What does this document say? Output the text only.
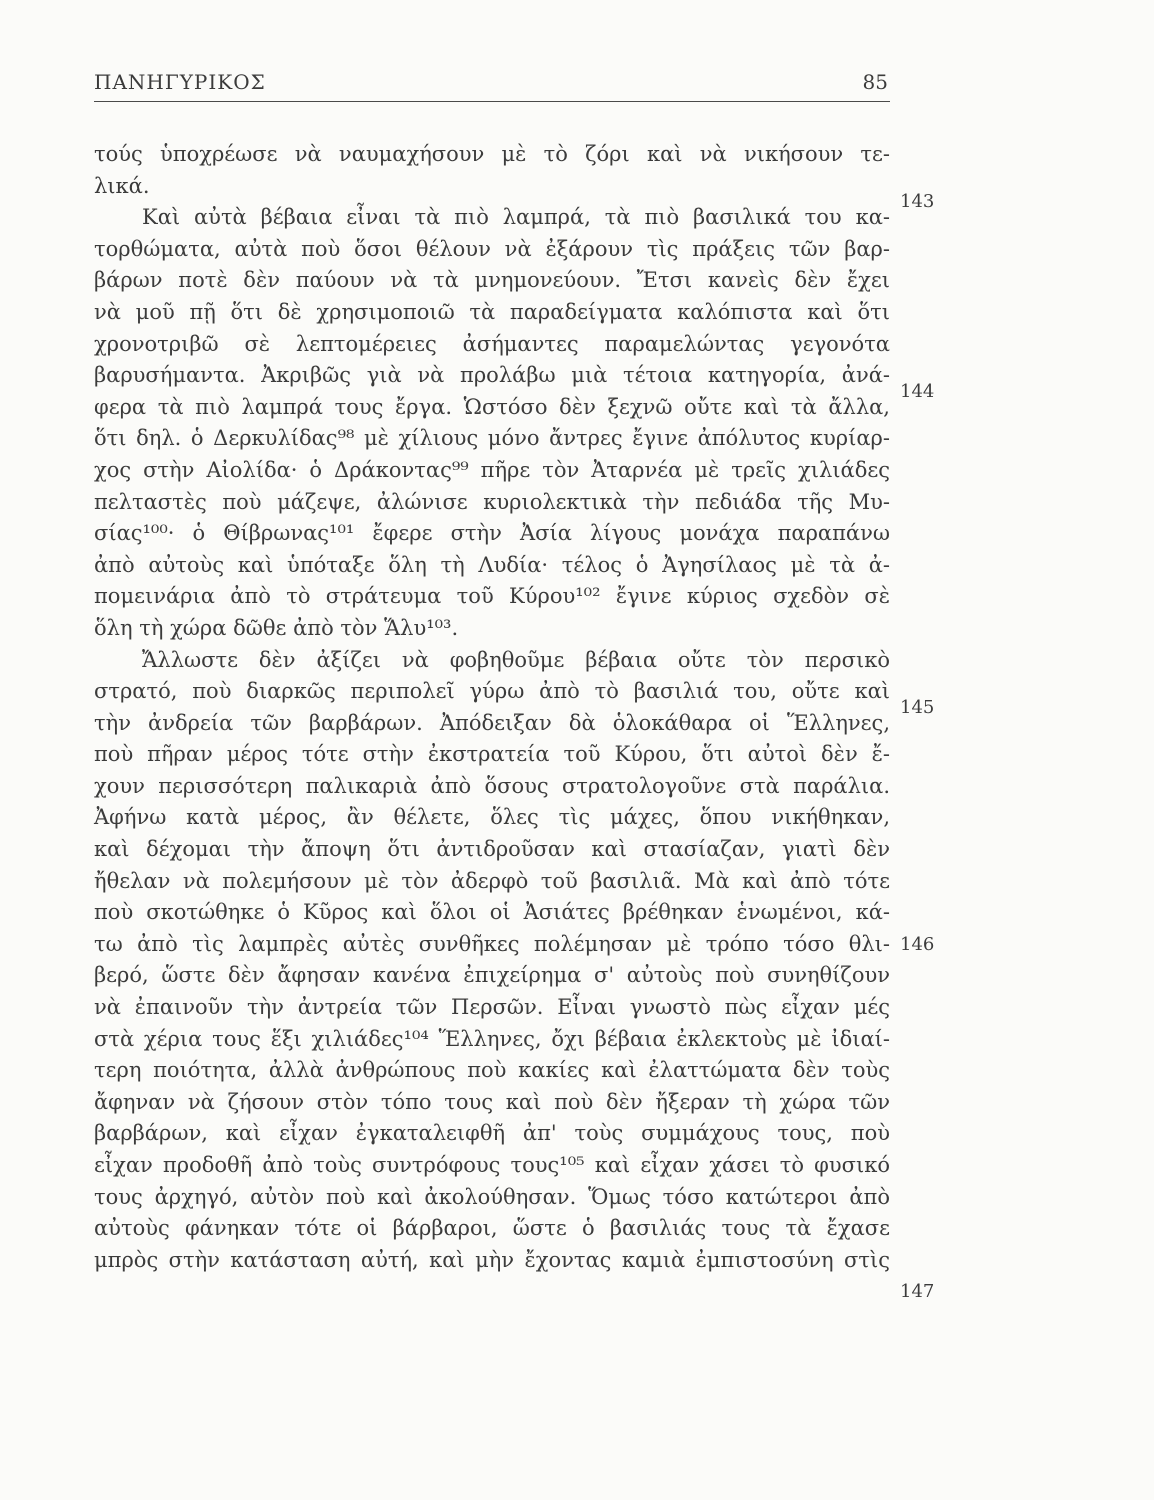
ΠΑΝΗΓΥΡΙΚΟΣ	85
τούς ὑποχρέωσε νὰ ναυμαχήσουν μὲ τὸ ζόρι καὶ νὰ νικήσουν τε-
λικά.
Καὶ αὐτὰ βέβαια εἶναι τὰ πιὸ λαμπρά, τὰ πιὸ βασιλικά του κα-
τορθώματα, αὐτὰ ποὺ ὅσοι θέλουν νὰ ἐξάρουν τὶς πράξεις τῶν βαρ-
βάρων ποτὲ δὲν παύουν νὰ τὰ μνημονεύουν. Ἔτσι κανεὶς δὲν ἔχει
νὰ μοῦ πῇ ὅτι δὲ χρησιμοποιῶ τὰ παραδείγματα καλόπιστα καὶ ὅτι
χρονοτριβῶ σὲ λεπτομέρειες ἀσήμαντες παραμελώντας γεγονότα
βαρυσήμαντα. Ἀκριβῶς γιὰ νὰ προλάβω μιὰ τέτοια κατηγορία, ἀνά-
φερα τὰ πιὸ λαμπρά τους ἔργα. Ὡστόσο δὲν ξεχνῶ οὔτε καὶ τὰ ἄλλα,
ὅτι δηλ. ὁ Δερκυλίδας⁹⁸ μὲ χίλιους μόνο ἄντρες ἔγινε ἀπόλυτος κυρίαρ-
χος στὴν Αἰολίδα· ὁ Δράκοντας⁹⁹ πῆρε τὸν Ἀταρνέα μὲ τρεῖς χιλιάδες
πελταστὲς ποὺ μάζεψε, ἀλώνισε κυριολεκτικὰ τὴν πεδιάδα τῆς Μυ-
σίας¹⁰⁰· ὁ Θίβρωνας¹⁰¹ ἔφερε στὴν Ἀσία λίγους μονάχα παραπάνω
ἀπὸ αὐτοὺς καὶ ὑπόταξε ὅλη τὴ Λυδία· τέλος ὁ Ἀγησίλαος μὲ τὰ ἀ-
πομεινάρια ἀπὸ τὸ στράτευμα τοῦ Κύρου¹⁰² ἔγινε κύριος σχεδὸν σὲ
ὅλη τὴ χώρα δῶθε ἀπὸ τὸν Ἅλυ¹⁰³.
Ἄλλωστε δὲν ἀξίζει νὰ φοβηθοῦμε βέβαια οὔτε τὸν περσικὸ
στρατό, ποὺ διαρκῶς περιπολεῖ γύρω ἀπὸ τὸ βασιλιά του, οὔτε καὶ
τὴν ἀνδρεία τῶν βαρβάρων. Ἀπόδειξαν δὰ ὁλοκάθαρα οἱ Ἕλληνες,
ποὺ πῆραν μέρος τότε στὴν ἐκστρατεία τοῦ Κύρου, ὅτι αὐτοὶ δὲν ἔ-
χουν περισσότερη παλικαριὰ ἀπὸ ὅσους στρατολογοῦνε στὰ παράλια.
Ἀφήνω κατὰ μέρος, ἂν θέλετε, ὅλες τὶς μάχες, ὅπου νικήθηκαν,
καὶ δέχομαι τὴν ἄποψη ὅτι ἀντιδροῦσαν καὶ στασίαζαν, γιατὶ δὲν
ἤθελαν νὰ πολεμήσουν μὲ τὸν ἀδερφὸ τοῦ βασιλιᾶ. Μὰ καὶ ἀπὸ τότε
ποὺ σκοτώθηκε ὁ Κῦρος καὶ ὅλοι οἱ Ἀσιάτες βρέθηκαν ἑνωμένοι, κά-
τω ἀπὸ τὶς λαμπρὲς αὐτὲς συνθῆκες πολέμησαν μὲ τρόπο τόσο θλι-
βερό, ὥστε δὲν ἄφησαν κανένα ἐπιχείρημα σ' αὐτοὺς ποὺ συνηθίζουν
νὰ ἐπαινοῦν τὴν ἀντρεία τῶν Περσῶν. Εἶναι γνωστὸ πὼς εἶχαν μές
στὰ χέρια τους ἕξι χιλιάδες¹⁰⁴ Ἕλληνες, ὄχι βέβαια ἐκλεκτοὺς μὲ ἰδιαί-
τερη ποιότητα, ἀλλὰ ἀνθρώπους ποὺ κακίες καὶ ἐλαττώματα δὲν τοὺς
ἄφηναν νὰ ζήσουν στὸν τόπο τους καὶ ποὺ δὲν ἤξεραν τὴ χώρα τῶν
βαρβάρων, καὶ εἶχαν ἐγκαταλειφθῆ ἀπ' τοὺς συμμάχους τους, ποὺ
εἶχαν προδοθῆ ἀπὸ τοὺς συντρόφους τους¹⁰⁵ καὶ εἶχαν χάσει τὸ φυσικό
τους ἀρχηγό, αὐτὸν ποὺ καὶ ἀκολούθησαν. Ὅμως τόσο κατώτεροι ἀπὸ
αὐτοὺς φάνηκαν τότε οἱ βάρβαροι, ὥστε ὁ βασιλιάς τους τὰ ἔχασε
μπρὸς στὴν κατάσταση αὐτή, καὶ μὴν ἔχοντας καμιὰ ἐμπιστοσύνη στὶς
143
144
145
146
147
